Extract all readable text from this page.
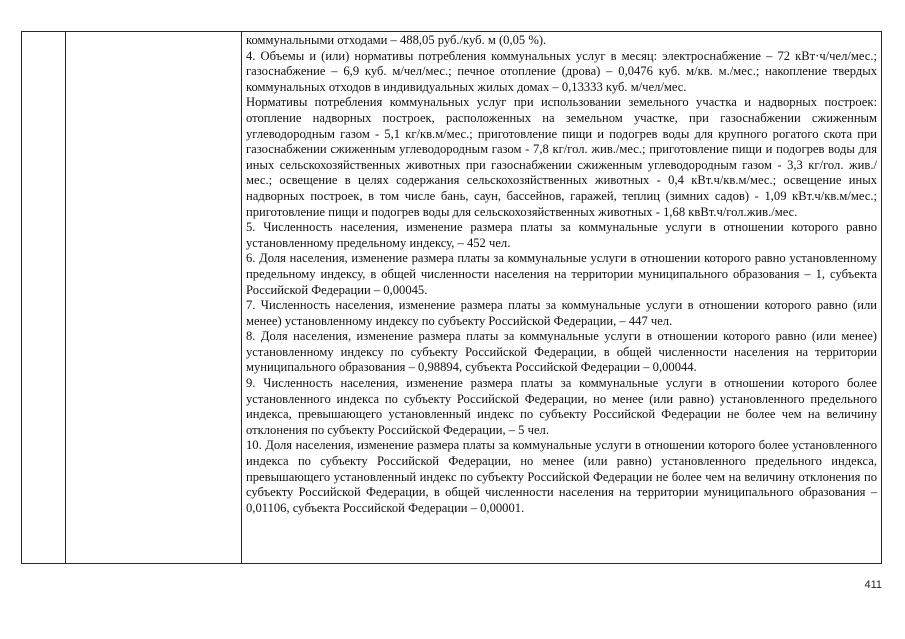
коммунальными отходами – 488,05 руб./куб. м (0,05 %).

4. Объемы и (или) нормативы потребления коммунальных услуг в месяц: электроснабжение – 72 кВт·ч/чел/мес.; газоснабжение – 6,9 куб. м/чел/мес.; печное отопление (дрова) – 0,0476 куб. м/кв. м./мес.; накопление твердых коммунальных отходов в индивидуальных жилых домах – 0,13333 куб. м/чел/мес.

Нормативы потребления коммунальных услуг при использовании земельного участка и надворных построек: отопление надворных построек, расположенных на земельном участке, при газоснабжении сжиженным углеводородным газом - 5,1 кг/кв.м/мес.; приготовление пищи и подогрев воды для крупного рогатого скота при газоснабжении сжиженным углеводородным газом - 7,8 кг/гол. жив./мес.; приготовление пищи и подогрев воды для иных сельскохозяйственных животных при газоснабжении сжиженным углеводородным газом - 3,3 кг/гол. жив./мес.; освещение в целях содержания сельскохозяйственных животных - 0,4 кВт.ч/кв.м/мес.; освещение иных надворных построек, в том числе бань, саун, бассейнов, гаражей, теплиц (зимних садов) - 1,09 кВт.ч/кв.м/мес.; приготовление пищи и подогрев воды для сельскохозяйственных животных - 1,68 квВт.ч/гол.жив./мес.

5. Численность населения, изменение размера платы за коммунальные услуги в отношении которого равно установленному предельному индексу, – 452 чел.

6. Доля населения, изменение размера платы за коммунальные услуги в отношении которого равно установленному предельному индексу, в общей численности населения на территории муниципального образования – 1, субъекта Российской Федерации – 0,00045.

7. Численность населения, изменение размера платы за коммунальные услуги в отношении которого равно (или менее) установленному индексу по субъекту Российской Федерации, – 447 чел.

8. Доля населения, изменение размера платы за коммунальные услуги в отношении которого равно (или менее) установленному индексу по субъекту Российской Федерации, в общей численности населения на территории муниципального образования – 0,98894, субъекта Российской Федерации – 0,00044.

9. Численность населения, изменение размера платы за коммунальные услуги в отношении которого более установленного индекса по субъекту Российской Федерации, но менее (или равно) установленного предельного индекса, превышающего установленный индекс по субъекту Российской Федерации не более чем на величину отклонения по субъекту Российской Федерации, – 5 чел.

10. Доля населения, изменение размера платы за коммунальные услуги в отношении которого более установленного индекса по субъекту Российской Федерации, но менее (или равно) установленного предельного индекса, превышающего установленный индекс по субъекту Российской Федерации не более чем на величину отклонения по субъекту Российской Федерации, в общей численности населения на территории муниципального образования – 0,01106, субъекта Российской Федерации – 0,00001.

411
